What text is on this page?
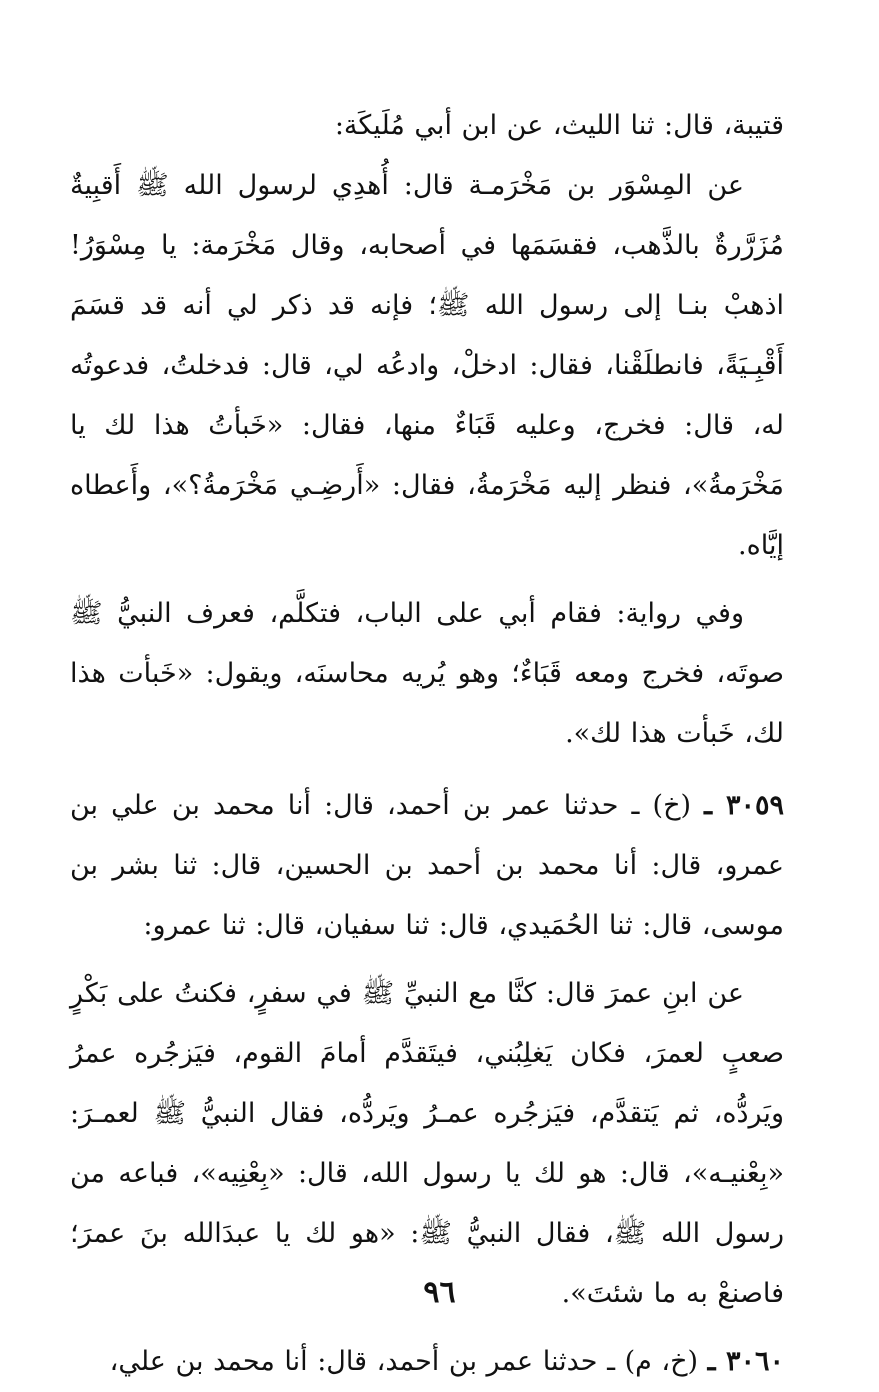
قتيبة، قال: ثنا الليث، عن ابن أبي مُلَيكَة:

عن المِسْوَر بن مَخْرَمـة قال: أُهدِي لرسول الله ﷺ أَقبِيةٌ مُزَرَّرةٌ بالذَّهب، فقسَمَها في أصحابه، وقال مَخْرَمة: يا مِسْوَرُ! اذهبْ بنـا إلى رسول الله ﷺ؛ فإنه قد ذكر لي أنه قد قسَمَ أَقْبِـيَةً، فانطلَقْنا، فقال: ادخلْ، وادعُه لي، قال: فدخلتُ، فدعوتُه له، قال: فخرج، وعليه قَبَاءٌ منها، فقال: «خَبأتُ هذا لك يا مَخْرَمةُ»، فنظر إليه مَخْرَمةُ، فقال: «أَرضِـي مَخْرَمةُ؟»، وأَعطاه إيَّاه.

وفي رواية: فقام أبي على الباب، فتكلَّم، فعرف النبيُّ ﷺ صوتَه، فخرج ومعه قَبَاءٌ؛ وهو يُريه محاسنَه، ويقول: «خَبأت هذا لك، خَبأت هذا لك».

٣٠٥٩ ـ (خ) ـ حدثنا عمر بن أحمد، قال: أنا محمد بن علي بن عمرو، قال: أنا محمد بن أحمد بن الحسين، قال: ثنا بشر بن موسى، قال: ثنا الحُمَيدي، قال: ثنا سفيان، قال: ثنا عمرو:

عن ابنِ عمرَ قال: كنَّا مع النبيِّ ﷺ في سفرٍ، فكنتُ على بَكْرٍ صعبٍ لعمرَ، فكان يَغلِبُني، فيتَقدَّم أمامَ القوم، فيَزجُره عمرُ ويَردُّه، ثم يَتقدَّم، فيَزجُره عمـرُ ويَردُّه، فقال النبيُّ ﷺ لعمـرَ: «بِعْنيـه»، قال: هو لك يا رسول الله، قال: «بِعْنِيه»، فباعه من رسول الله ﷺ، فقال النبيُّ ﷺ: «هو لك يا عبدَالله بنَ عمرَ؛ فاصنعْ به ما شئتَ».

٣٠٦٠ ـ (خ، م) ـ حدثنا عمر بن أحمد، قال: أنا محمد بن علي،

٩٦
